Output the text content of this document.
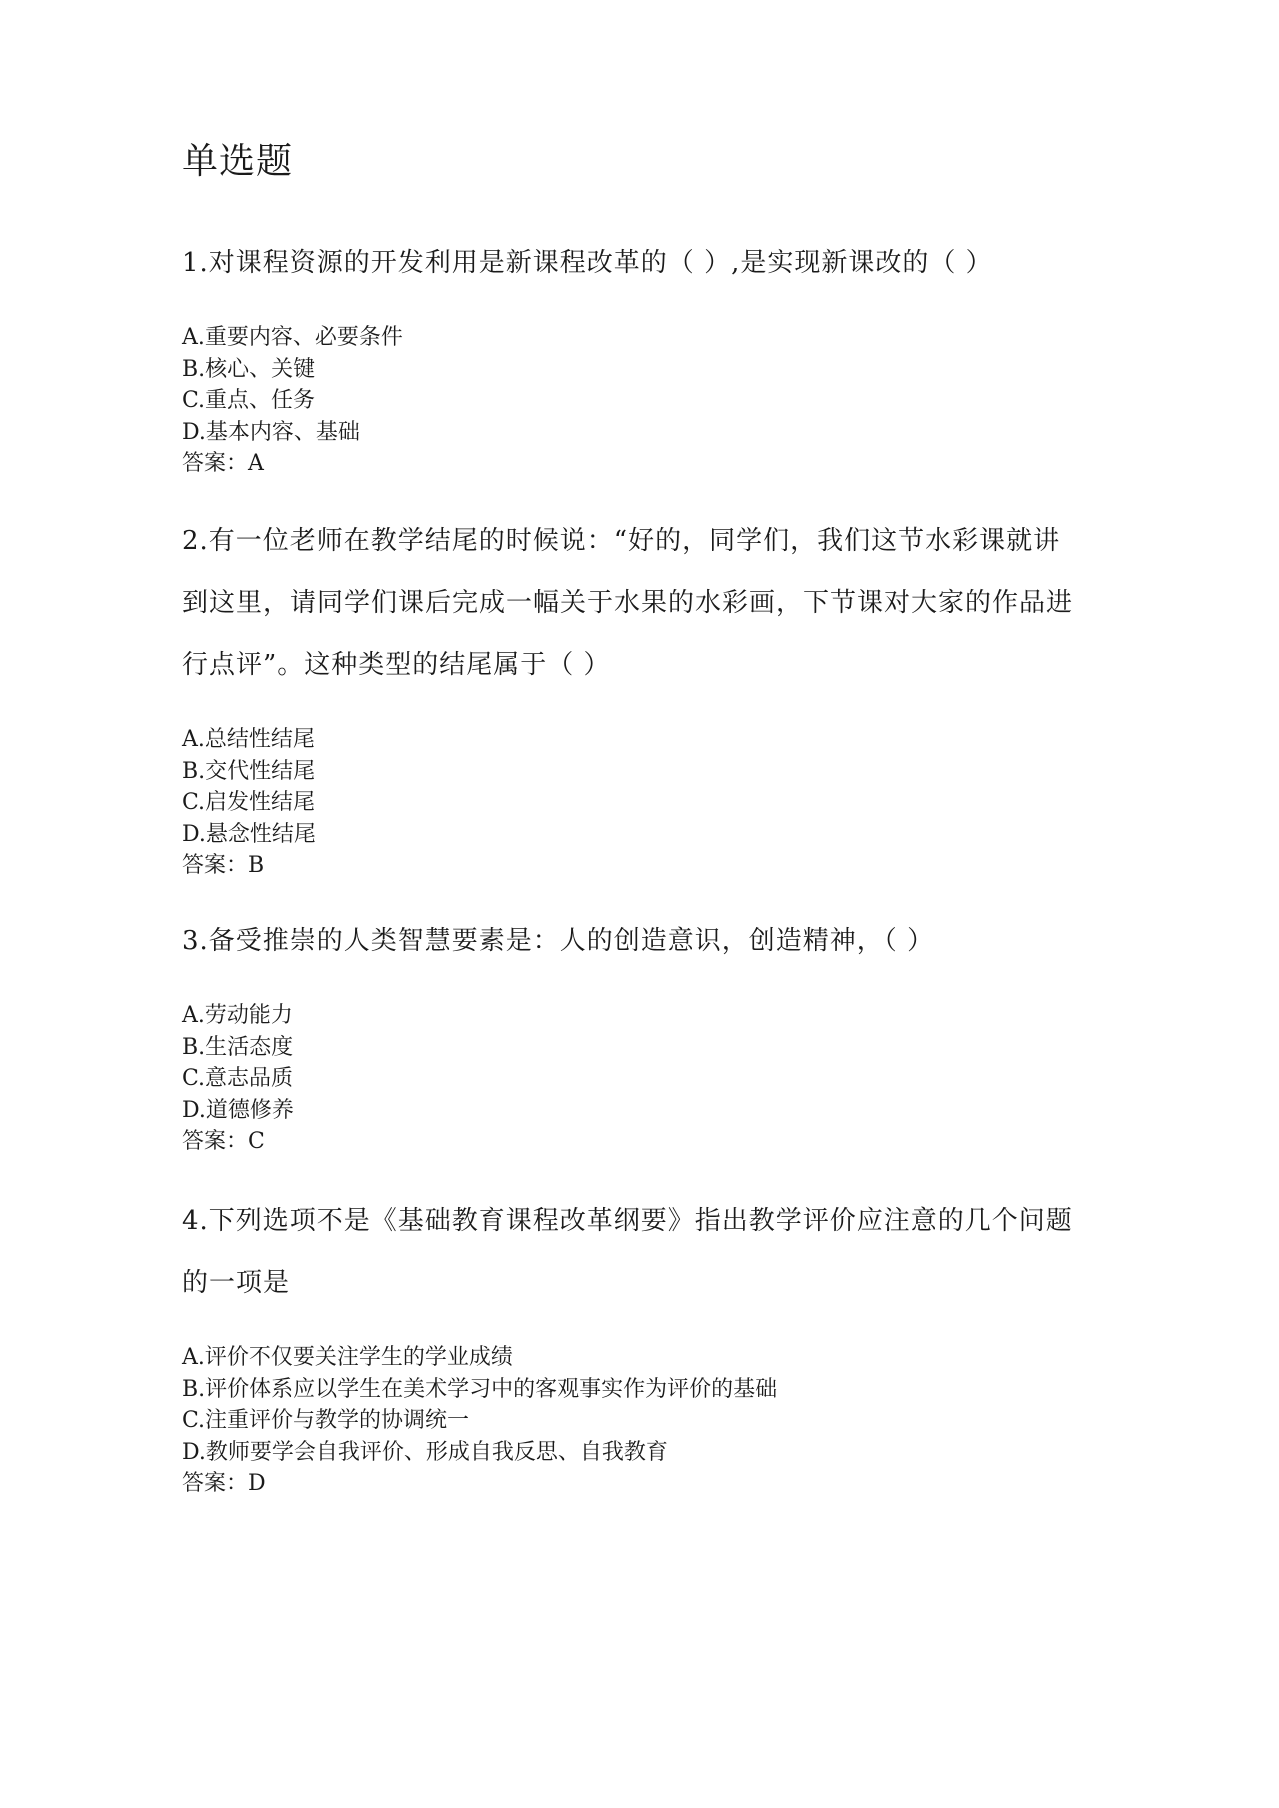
单选题

1.对课程资源的开发利用是新课程改革的（ ）,是实现新课改的（ ）

A.重要内容、必要条件
B.核心、关键
C.重点、任务
D.基本内容、基础

答案：A

2.有一位老师在教学结尾的时候说：“好的，同学们，我们这节水彩课就讲到这里，请同学们课后完成一幅关于水果的水彩画，下节课对大家的作品进行点评”。这种类型的结尾属于（ ）

A.总结性结尾
B.交代性结尾
C.启发性结尾
D.悬念性结尾

答案：B

3.备受推崇的人类智慧要素是：人的创造意识，创造精神，（ ）

A.劳动能力
B.生活态度
C.意志品质
D.道德修养

答案：C

4.下列选项不是《基础教育课程改革纲要》指出教学评价应注意的几个问题的一项是

A.评价不仅要关注学生的学业成绩
B.评价体系应以学生在美术学习中的客观事实作为评价的基础
C.注重评价与教学的协调统一
D.教师要学会自我评价、形成自我反思、自我教育

答案：D
